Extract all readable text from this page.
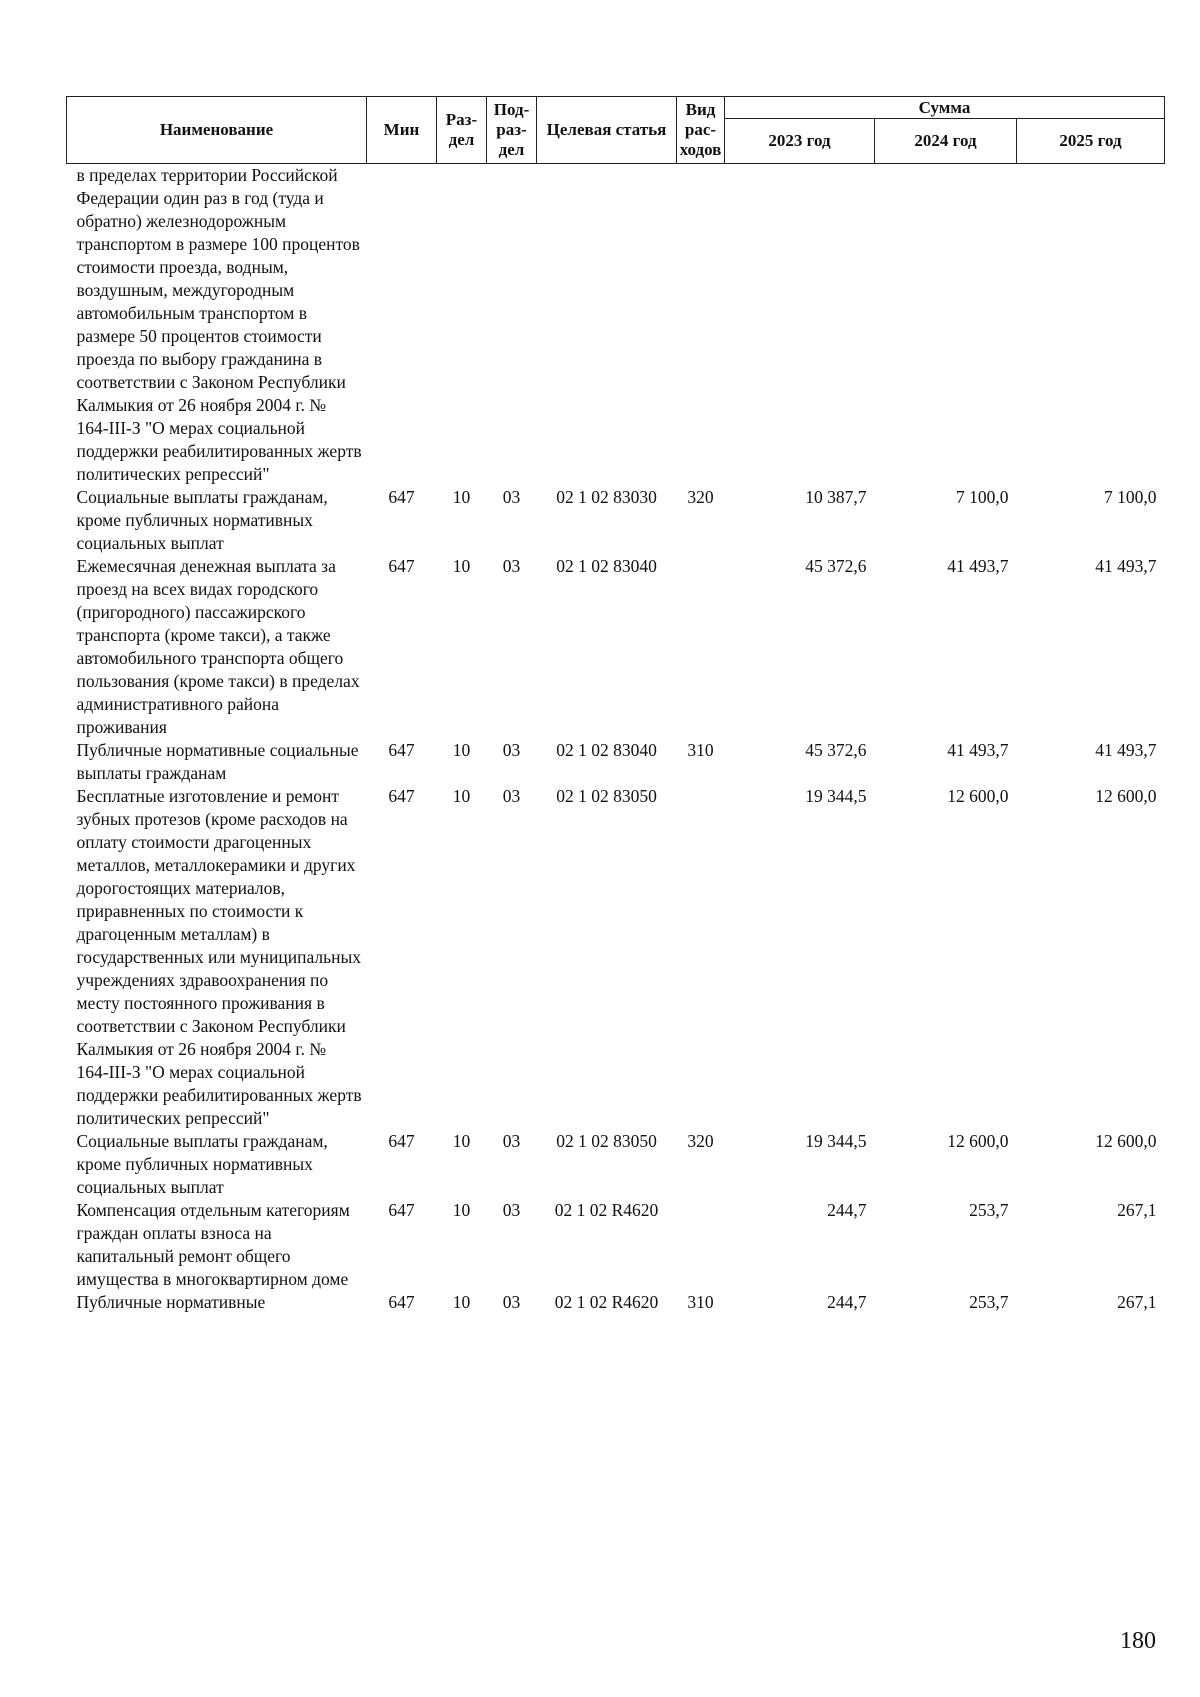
Наименование	Мин	Раз-дел	Под-раз-дел	Целевая статья	Вид рас-ходов	Сумма		
						2023 год	2024 год	2025 год
в пределах территории Российской Федерации один раз в год (туда и обратно) железнодорожным транспортом в размере 100 процентов стоимости проезда, водным, воздушным, междугородным автомобильным транспортом в размере 50 процентов стоимости проезда по выбору гражданина в соответствии с Законом Республики Калмыкия от 26 ноября 2004 г. № 164-III-З "О мерах социальной поддержки реабилитированных жертв политических репрессий"								
Социальные выплаты гражданам, кроме публичных нормативных социальных выплат	647	10	03	02 1 02 83030	320	10 387,7	7 100,0	7 100,0
Ежемесячная денежная выплата за проезд на всех видах городского (пригородного) пассажирского транспорта (кроме такси), а также автомобильного транспорта общего пользования (кроме такси) в пределах административного района проживания	647	10	03	02 1 02 83040		45 372,6	41 493,7	41 493,7
Публичные нормативные социальные выплаты гражданам	647	10	03	02 1 02 83040	310	45 372,6	41 493,7	41 493,7
Бесплатные изготовление и ремонт зубных протезов (кроме расходов на оплату стоимости драгоценных металлов, металлокерамики и других дорогостоящих материалов, приравненных по стоимости к драгоценным металлам) в государственных или муниципальных учреждениях здравоохранения по месту постоянного проживания в соответствии с Законом Республики Калмыкия от 26 ноября 2004 г. № 164-III-З "О мерах социальной поддержки реабилитированных жертв политических репрессий"	647	10	03	02 1 02 83050		19 344,5	12 600,0	12 600,0
Социальные выплаты гражданам, кроме публичных нормативных социальных выплат	647	10	03	02 1 02 83050	320	19 344,5	12 600,0	12 600,0
Компенсация отдельным категориям граждан оплаты взноса на капитальный ремонт общего имущества в многоквартирном доме	647	10	03	02 1 02 R4620		244,7	253,7	267,1
Публичные нормативные	647	10	03	02 1 02 R4620	310	244,7	253,7	267,1
180
